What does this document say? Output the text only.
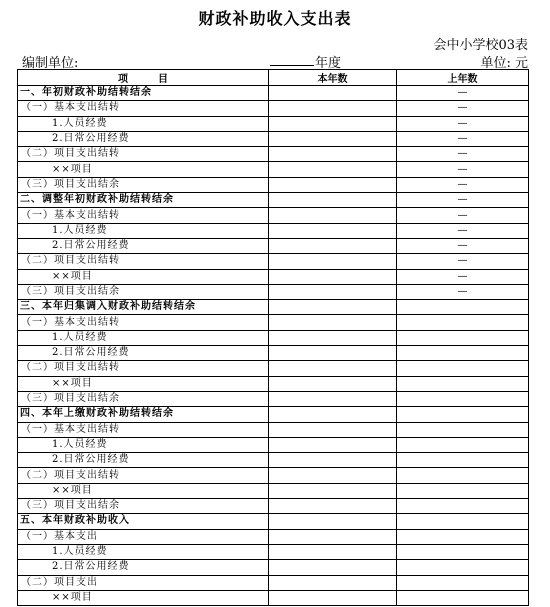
财政补助收入支出表
会中小学校03表
编制单位:	年度	单位: 元
项　　　目	本年数	上年数
一、年初财政补助结转结余		—
（一）基本支出结转		—
1.人员经费		—
2.日常公用经费		—
（二）项目支出结转		—
××项目		—
（三）项目支出结余		—
二、调整年初财政补助结转结余		—
（一）基本支出结转		—
1.人员经费		—
2.日常公用经费		—
（二）项目支出结转		—
××项目		—
（三）项目支出结余		—
三、本年归集调入财政补助结转结余		
（一）基本支出结转		
1.人员经费		
2.日常公用经费		
（二）项目支出结转		
××项目		
（三）项目支出结余		
四、本年上缴财政补助结转结余		
（一）基本支出结转		
1.人员经费		
2.日常公用经费		
（二）项目支出结转		
××项目		
（三）项目支出结余		
五、本年财政补助收入		
（一）基本支出		
1.人员经费		
2.日常公用经费		
（二）项目支出		
××项目		
